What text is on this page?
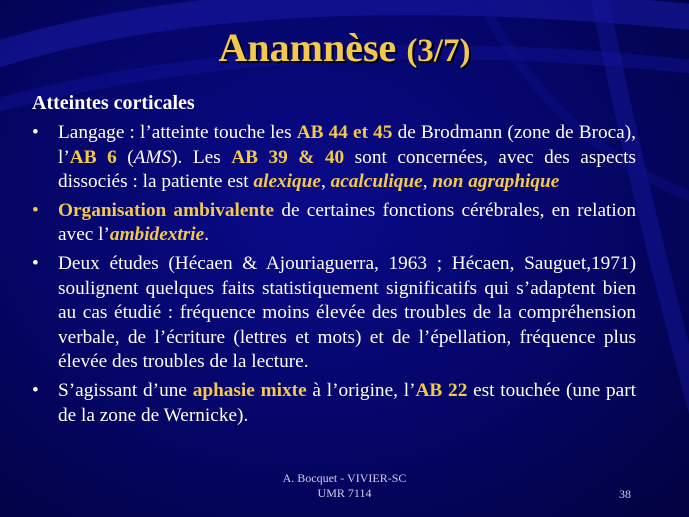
Anamnèse (3/7)
Atteintes corticales
• Langage : l’atteinte touche les AB 44 et 45 de Brodmann (zone de Broca), l’AB 6 (AMS). Les AB 39 & 40 sont concernées, avec des aspects dissociés : la patiente est alexique, acalculique, non agraphique
• Organisation ambivalente de certaines fonctions cérébrales, en relation avec l’ambidextrie.
• Deux études (Hécaen & Ajouriaguerra, 1963 ; Hécaen, Sauguet,1971) soulignent quelques faits statistiquement significatifs qui s’adaptent bien au cas étudié : fréquence moins élevée des troubles de la compréhension verbale, de l’écriture (lettres et mots) et de l’épellation, fréquence plus élevée des troubles de la lecture.
• S’agissant d’une aphasie mixte à l’origine, l’AB 22 est touchée (une part de la zone de Wernicke).
A. Bocquet - VIVIER-SC
UMR 7114	38
